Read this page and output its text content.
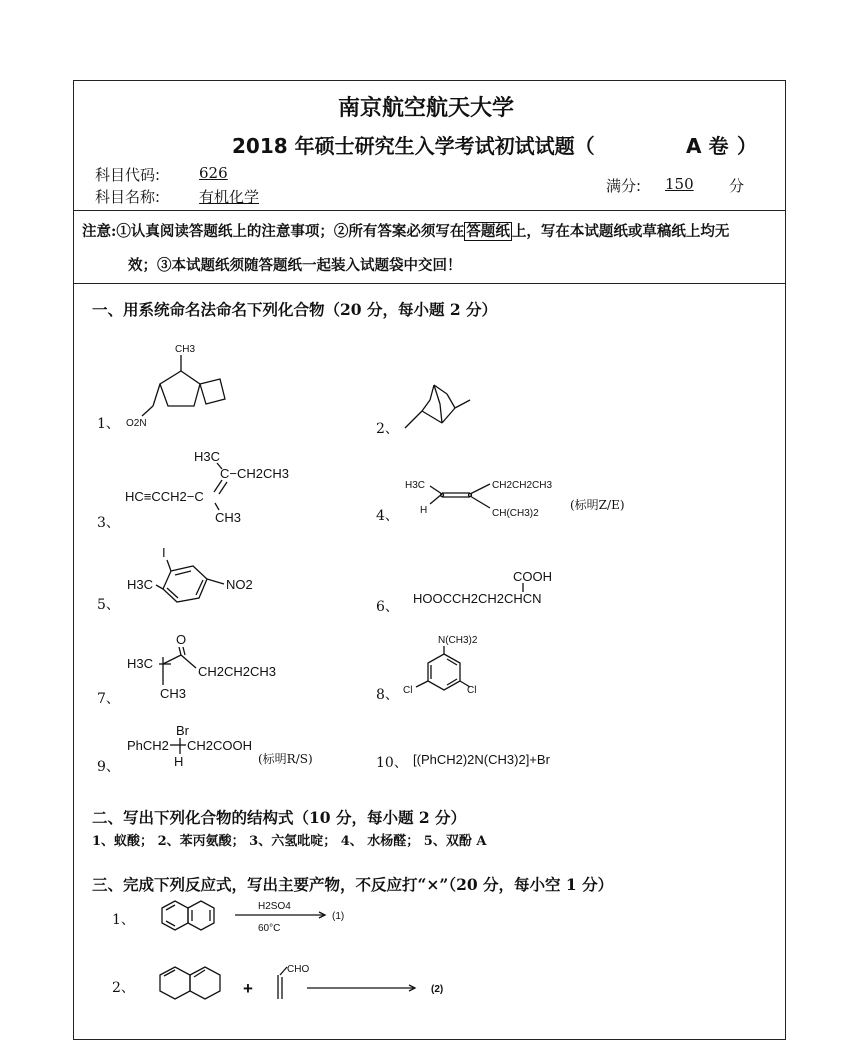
南京航空航天大学
2018 年硕士研究生入学考试初试试题（	A 卷 ）
科目代码:	626
科目名称:	有机化学
满分: 150 分
注意:①认真阅读答题纸上的注意事项；②所有答案必须写在 答题纸 上，写在本试题纸或草稿纸上均无
效；③本试题纸须随答题纸一起装入试题袋中交回！
一、用系统命名法命名下列化合物（20 分，每小题 2 分）
1、
CH3
O2N	2、
3、
H3C
C−CH2CH3
HC≡CCH2−C
CH3	4、
H3C	CH2CH2CH3
H	CH(CH3)2
(标明Z/E)
5、
I
H3C	NO2
6、
COOH
HOOCCH2CH2CHCN
7、
O
H3C
CH2CH2CH3
CH3	8、
N(CH3)2
Cl	Cl
9、
Br
PhCH2 CH2COOH
H	(标明R/S)	10、 [(PhCH2)2N(CH3)2]+Br
二、写出下列化合物的结构式（10 分，每小题 2 分）
1、蚁酸； 2、苯丙氨酸； 3、六氢吡啶； 4、 水杨醛； 5、双酚 A
三、完成下列反应式，写出主要产物，不反应打“×”（20 分，每小空 1 分）
1、
H2SO4
60°C
(1)
2、	+
CHO
(2)
